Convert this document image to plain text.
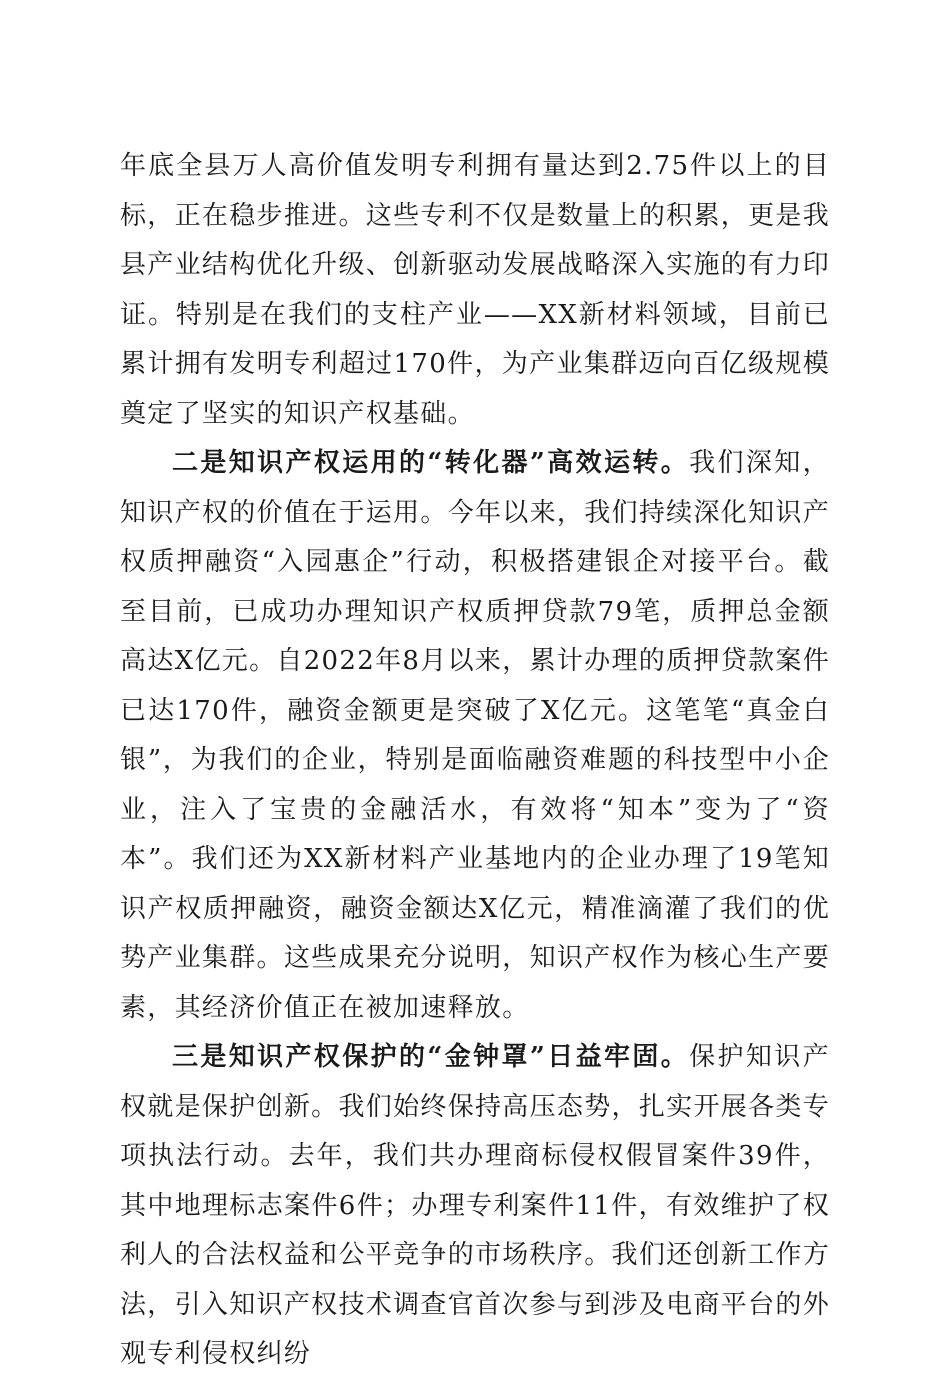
年底全县万人高价值发明专利拥有量达到2.75件以上的目标，正在稳步推进。这些专利不仅是数量上的积累，更是我县产业结构优化升级、创新驱动发展战略深入实施的有力印证。特别是在我们的支柱产业——XX新材料领域，目前已累计拥有发明专利超过170件，为产业集群迈向百亿级规模奠定了坚实的知识产权基础。

二是知识产权运用的“转化器”高效运转。我们深知，知识产权的价值在于运用。今年以来，我们持续深化知识产权质押融资“入园惠企”行动，积极搭建银企对接平台。截至目前，已成功办理知识产权质押贷款79笔，质押总金额高达X亿元。自2022年8月以来，累计办理的质押贷款案件已达170件，融资金额更是突破了X亿元。这笔笔“真金白银”，为我们的企业，特别是面临融资难题的科技型中小企业，注入了宝贵的金融活水，有效将“知本”变为了“资本”。我们还为XX新材料产业基地内的企业办理了19笔知识产权质押融资，融资金额达X亿元，精准滴灌了我们的优势产业集群。这些成果充分说明，知识产权作为核心生产要素，其经济价值正在被加速释放。

三是知识产权保护的“金钟罩”日益牢固。保护知识产权就是保护创新。我们始终保持高压态势，扎实开展各类专项执法行动。去年，我们共办理商标侵权假冒案件39件，其中地理标志案件6件；办理专利案件11件，有效维护了权利人的合法权益和公平竞争的市场秩序。我们还创新工作方法，引入知识产权技术调查官首次参与到涉及电商平台的外观专利侵权纠纷
